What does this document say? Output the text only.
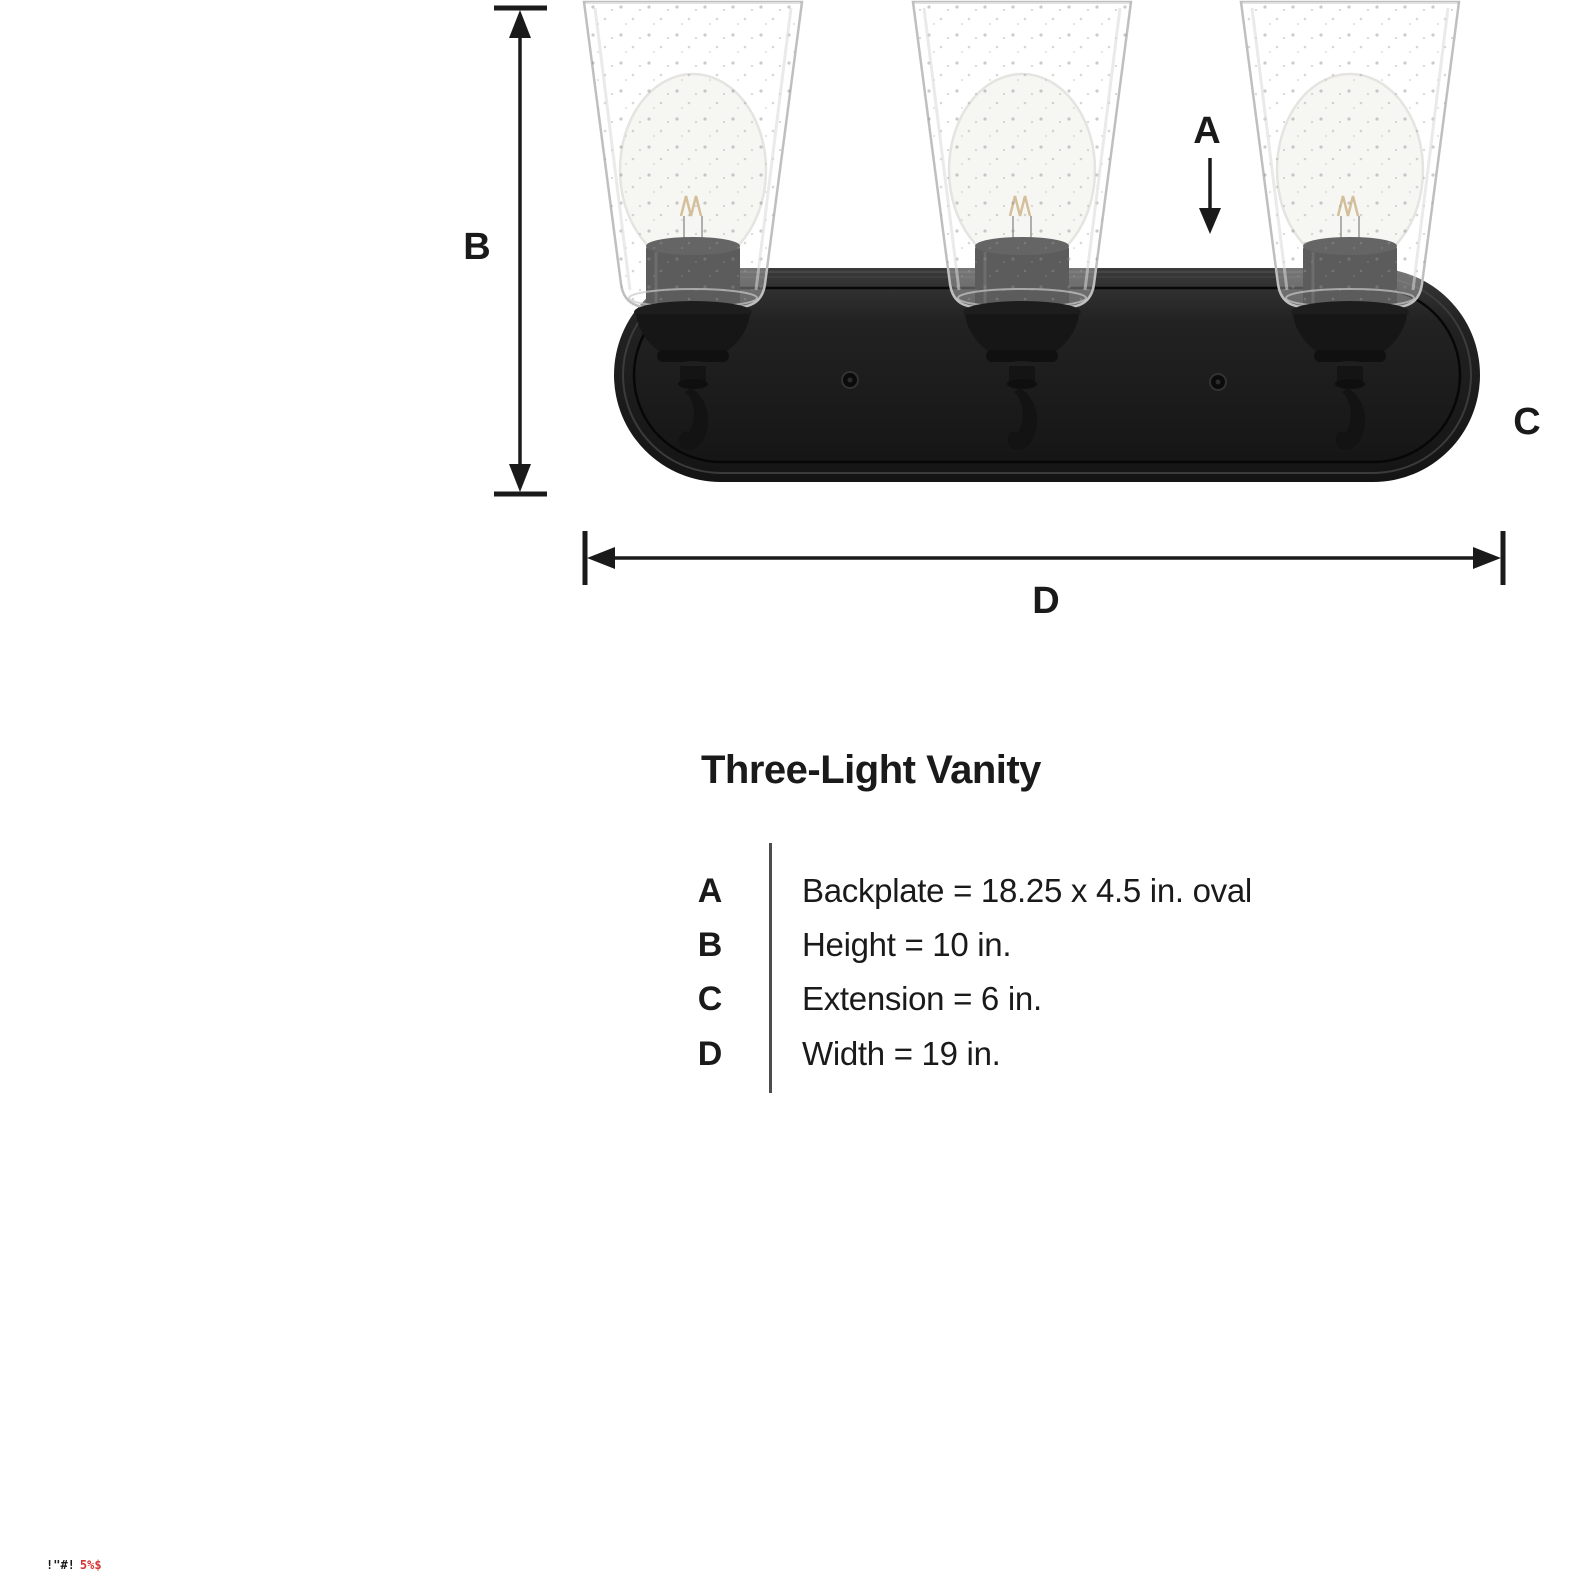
B
D
A
C
Three-Light Vanity
A	Backplate = 18.25 x 4.5 in. oval
B	Height = 10 in.
C	Extension = 6 in.
D	Width = 19 in.
!"#! 5%$
